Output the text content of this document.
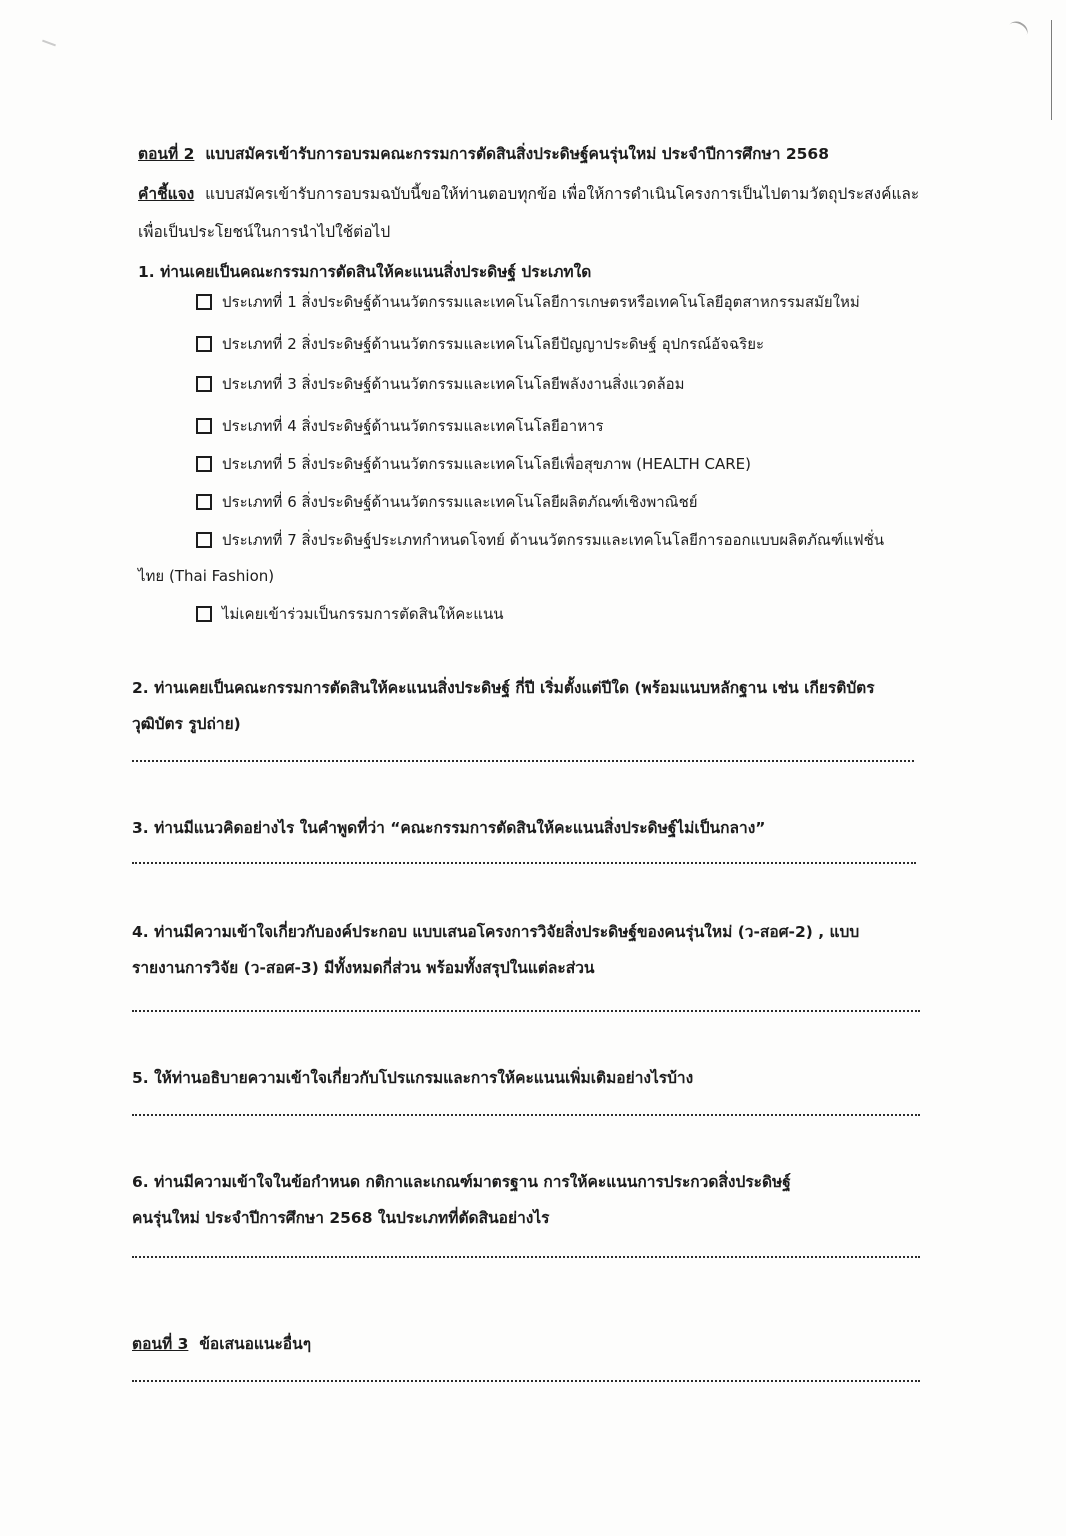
ตอนที่ 2 แบบสมัครเข้ารับการอบรมคณะกรรมการตัดสินสิ่งประดิษฐ์คนรุ่นใหม่ ประจำปีการศึกษา 2568
คำชี้แจง แบบสมัครเข้ารับการอบรมฉบับนี้ขอให้ท่านตอบทุกข้อ เพื่อให้การดำเนินโครงการเป็นไปตามวัตถุประสงค์และ
เพื่อเป็นประโยชน์ในการนำไปใช้ต่อไป
1. ท่านเคยเป็นคณะกรรมการตัดสินให้คะแนนสิ่งประดิษฐ์ ประเภทใด
ประเภทที่ 1 สิ่งประดิษฐ์ด้านนวัตกรรมและเทคโนโลยีการเกษตรหรือเทคโนโลยีอุตสาหกรรมสมัยใหม่
ประเภทที่ 2 สิ่งประดิษฐ์ด้านนวัตกรรมและเทคโนโลยีปัญญาประดิษฐ์ อุปกรณ์อัจฉริยะ
ประเภทที่ 3 สิ่งประดิษฐ์ด้านนวัตกรรมและเทคโนโลยีพลังงานสิ่งแวดล้อม
ประเภทที่ 4 สิ่งประดิษฐ์ด้านนวัตกรรมและเทคโนโลยีอาหาร
ประเภทที่ 5 สิ่งประดิษฐ์ด้านนวัตกรรมและเทคโนโลยีเพื่อสุขภาพ (HEALTH CARE)
ประเภทที่ 6 สิ่งประดิษฐ์ด้านนวัตกรรมและเทคโนโลยีผลิตภัณฑ์เชิงพาณิชย์
ประเภทที่ 7 สิ่งประดิษฐ์ประเภทกำหนดโจทย์ ด้านนวัตกรรมและเทคโนโลยีการออกแบบผลิตภัณฑ์แฟชั่น
ไทย (Thai Fashion)
ไม่เคยเข้าร่วมเป็นกรรมการตัดสินให้คะแนน
2. ท่านเคยเป็นคณะกรรมการตัดสินให้คะแนนสิ่งประดิษฐ์ กี่ปี เริ่มตั้งแต่ปีใด (พร้อมแนบหลักฐาน เช่น เกียรติบัตร
วุฒิบัตร รูปถ่าย)
3. ท่านมีแนวคิดอย่างไร ในคำพูดที่ว่า “คณะกรรมการตัดสินให้คะแนนสิ่งประดิษฐ์ไม่เป็นกลาง”
4. ท่านมีความเข้าใจเกี่ยวกับองค์ประกอบ แบบเสนอโครงการวิจัยสิ่งประดิษฐ์ของคนรุ่นใหม่ (ว-สอศ-2) , แบบ
รายงานการวิจัย (ว-สอศ-3) มีทั้งหมดกี่ส่วน พร้อมทั้งสรุปในแต่ละส่วน
5. ให้ท่านอธิบายความเข้าใจเกี่ยวกับโปรแกรมและการให้คะแนนเพิ่มเติมอย่างไรบ้าง
6. ท่านมีความเข้าใจในข้อกำหนด กติกาและเกณฑ์มาตรฐาน การให้คะแนนการประกวดสิ่งประดิษฐ์
คนรุ่นใหม่ ประจำปีการศึกษา 2568 ในประเภทที่ตัดสินอย่างไร
ตอนที่ 3 ข้อเสนอแนะอื่นๆ
